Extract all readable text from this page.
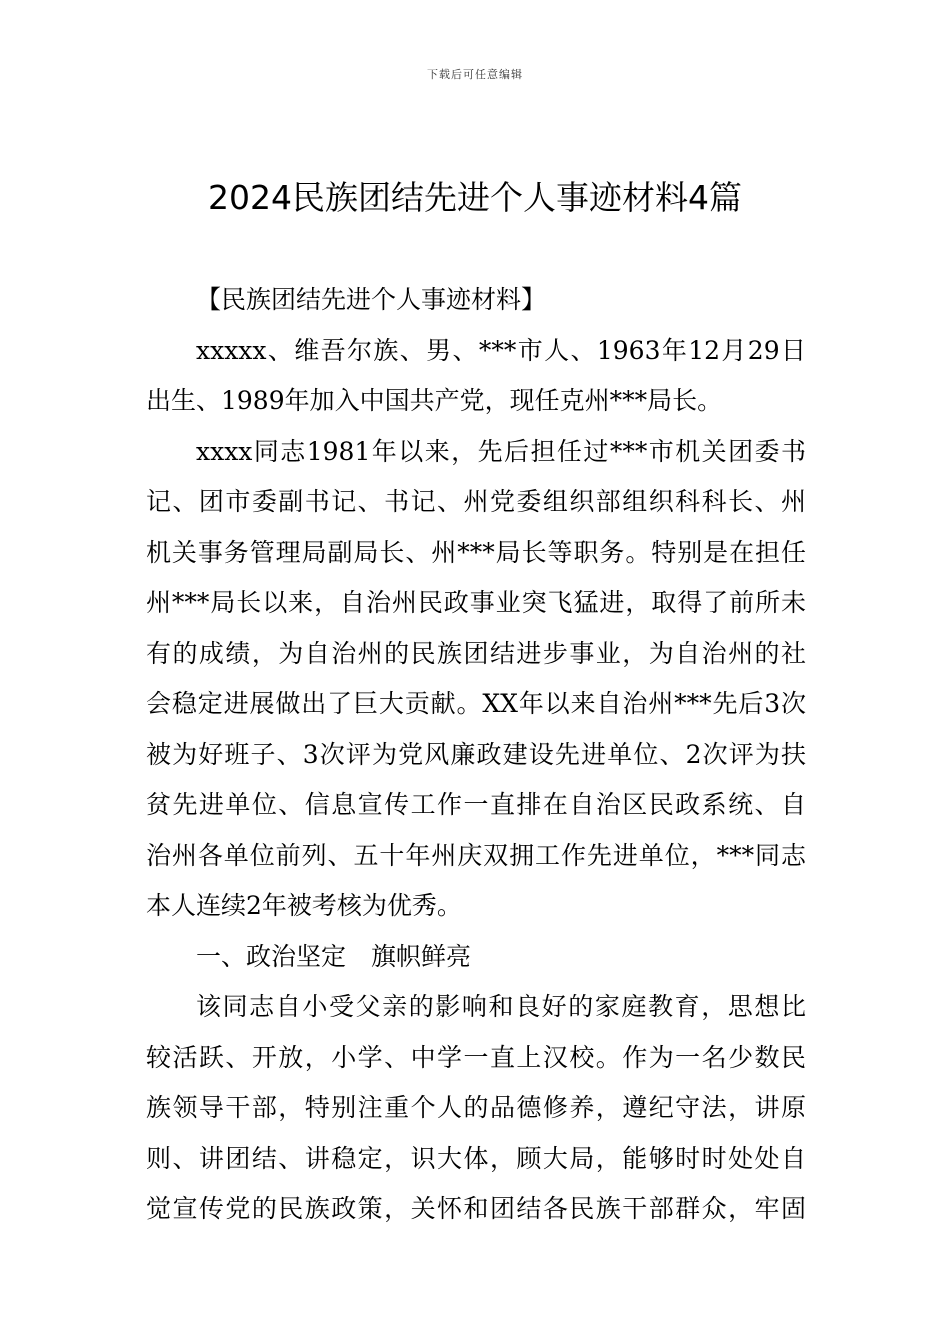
下载后可任意编辑
2024民族团结先进个人事迹材料4篇
【民族团结先进个人事迹材料】
xxxxx、维吾尔族、男、***市人、1963年12月29日
出生、1989年加入中国共产党，现任克州***局长。
xxxx同志1981年以来，先后担任过***市机关团委书
记、团市委副书记、书记、州党委组织部组织科科长、州
机关事务管理局副局长、州***局长等职务。特别是在担任
州***局长以来，自治州民政事业突飞猛进，取得了前所未
有的成绩，为自治州的民族团结进步事业，为自治州的社
会稳定进展做出了巨大贡献。XX年以来自治州***先后3次
被为好班子、3次评为党风廉政建设先进单位、2次评为扶
贫先进单位、信息宣传工作一直排在自治区民政系统、自
治州各单位前列、五十年州庆双拥工作先进单位，***同志
本人连续2年被考核为优秀。
一、政治坚定　旗帜鲜亮
该同志自小受父亲的影响和良好的家庭教育，思想比
较活跃、开放，小学、中学一直上汉校。作为一名少数民
族领导干部，特别注重个人的品德修养，遵纪守法，讲原
则、讲团结、讲稳定，识大体，顾大局，能够时时处处自
觉宣传党的民族政策，关怀和团结各民族干部群众，牢固
